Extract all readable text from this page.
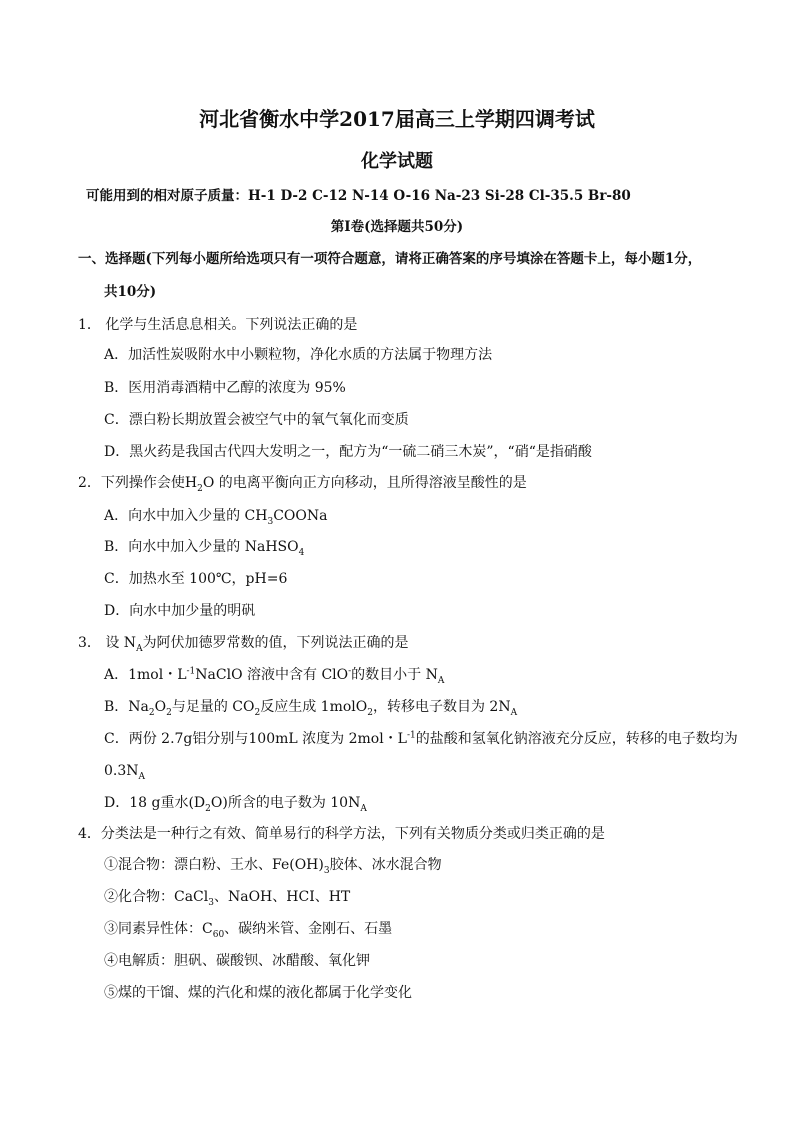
河北省衡水中学2017届高三上学期四调考试
化学试题
可能用到的相对原子质量：H-1 D-2 C-12 N-14 O-16 Na-23 Si-28 Cl-35.5 Br-80
第Ⅰ卷(选择题共50分)
一、选择题(下列每小题所给选项只有一项符合题意，请将正确答案的序号填涂在答题卡上，每小题1分，
共10分)
1． 化学与生活息息相关。下列说法正确的是
A．加活性炭吸附水中小颗粒物，净化水质的方法属于物理方法
B．医用消毒酒精中乙醇的浓度为 95%
C．漂白粉长期放置会被空气中的氧气氧化而变质
D．黑火药是我国古代四大发明之一，配方为“一硫二硝三木炭”，“硝“是指硝酸
2．下列操作会使$H_2O$ 的电离平衡向正方向移动，且所得溶液呈酸性的是
A．向水中加入少量的 $CH_3COONa$
B．向水中加入少量的 NaHSO$_4$
C．加热水至 100℃，pH=6
D．向水中加少量的明矾
3． 设 $N_A$为阿伏加德罗常数的值，下列说法正确的是
A．1mol・$L^{-1}NaClO$ 溶液中含有 ClO-的数目小于 $N_A$
B．$Na_2O_2$与足量的 $CO_2$反应生成 1molO$_2$，转移电子数目为 $2N_A$
C．两份 2.7g铝分别与100mL 浓度为 2mol・$L^{-1}$的盐酸和氢氧化钠溶液充分反应，转移的电子数均为
$0.3N_A$
D．18 g重水$(D_2O)$所含的电子数为 $10N_A$
4．分类法是一种行之有效、简单易行的科学方法，下列有关物质分类或归类正确的是
①混合物：漂白粉、王水、$Fe(OH)_3$胶体、冰水混合物
②化合物：CaCl$_3$、NaOH、HCI、HT
③同素异性体：$C_{60}$、碳纳米管、金刚石、石墨
④电解质：胆矾、碳酸钡、冰醋酸、氧化钾
⑤煤的干馏、煤的汽化和煤的液化都属于化学变化
